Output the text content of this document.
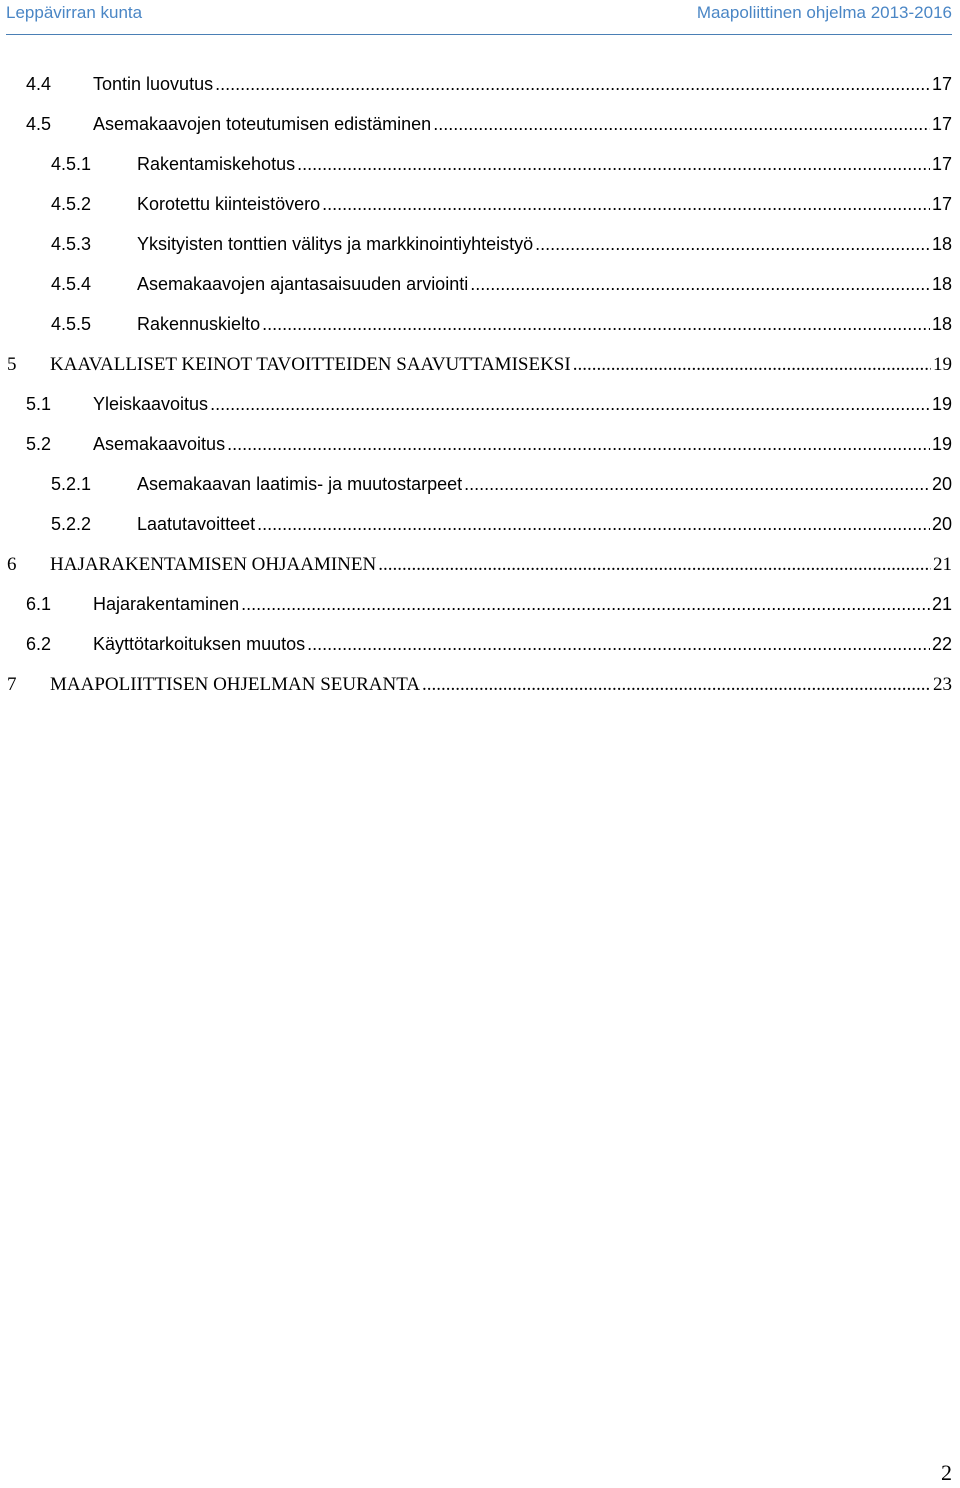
Leppävirran kunta	Maapoliittinen ohjelma 2013-2016
4.4 Tontin luovutus .....	17
4.5 Asemakaavojen toteutumisen edistäminen .....	17
4.5.1	Rakentamiskehotus .....	17
4.5.2	Korotettu kiinteistövero .....	17
4.5.3	Yksityisten tonttien välitys ja markkinointiyhteistyö .....	18
4.5.4	Asemakaavojen ajantasaisuuden arviointi .....	18
4.5.5	Rakennuskielto .....	18
5 KAAVALLISET KEINOT TAVOITTEIDEN SAAVUTTAMISEKSI .....	19
5.1 Yleiskaavoitus .....	19
5.2 Asemakaavoitus .....	19
5.2.1	Asemakaavan laatimis- ja muutostarpeet .....	20
5.2.2	Laatutavoitteet .....	20
6 HAJARAKENTAMISEN OHJAAMINEN .....	21
6.1 Hajarakentaminen .....	21
6.2 Käyttötarkoituksen muutos .....	22
7 MAAPOLIITTISEN OHJELMAN SEURANTA .....	23
2
